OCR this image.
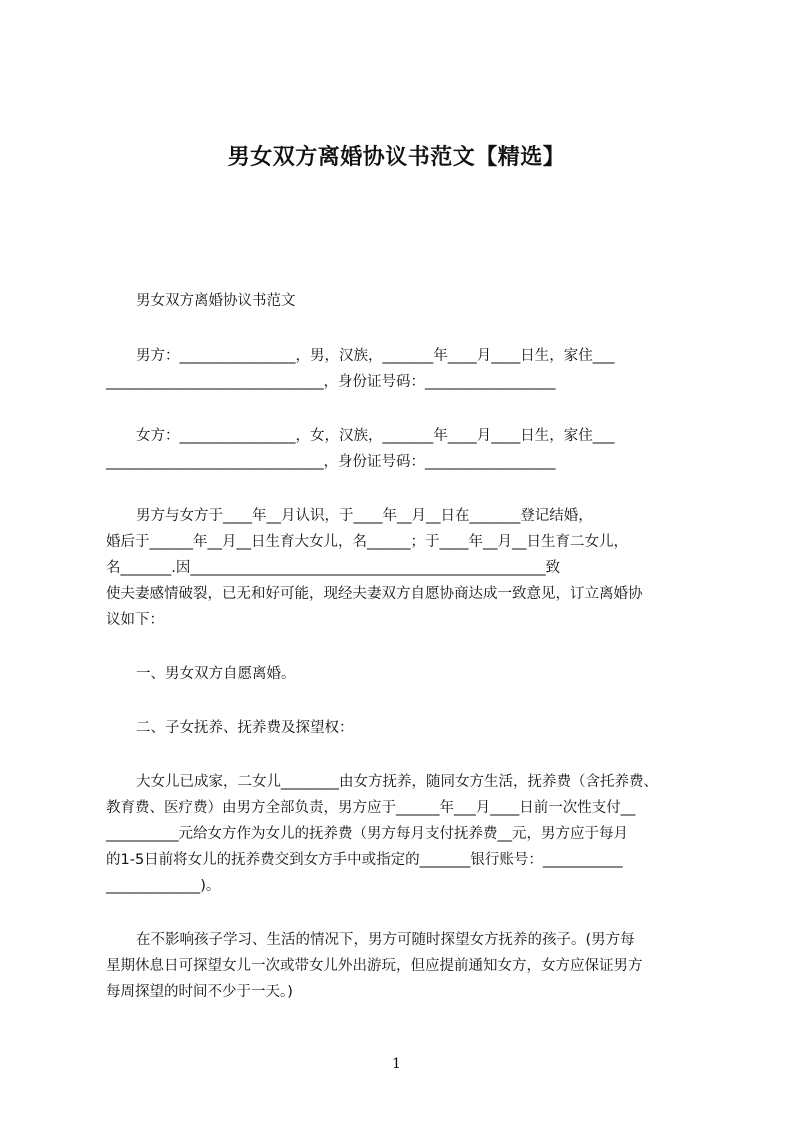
男女双方离婚协议书范文【精选】
男女双方离婚协议书范文
男方：________________，男，汉族，_______年____月____日生，家住___
______________________________，身份证号码：__________________
女方：________________，女，汉族，_______年____月____日生，家住___
______________________________，身份证号码：__________________
男方与女方于____年__月认识，于____年__月__日在_______登记结婚，
婚后于______年__月__日生育大女儿，名______；于____年__月__日生育二女儿，
名_______.因_________________________________________________致
使夫妻感情破裂，已无和好可能，现经夫妻双方自愿协商达成一致意见，订立离婚协
议如下：
一、男女双方自愿离婚。
二、子女抚养、抚养费及探望权：
大女儿已成家，二女儿________由女方抚养，随同女方生活，抚养费（含托养费、
教育费、医疗费）由男方全部负责，男方应于______年___月____日前一次性支付__
__________元给女方作为女儿的抚养费（男方每月支付抚养费__元，男方应于每月
的1-5日前将女儿的抚养费交到女方手中或指定的_______银行账号：___________
_____________)。
在不影响孩子学习、生活的情况下，男方可随时探望女方抚养的孩子。(男方每
星期休息日可探望女儿一次或带女儿外出游玩，但应提前通知女方，女方应保证男方
每周探望的时间不少于一天。)
1
